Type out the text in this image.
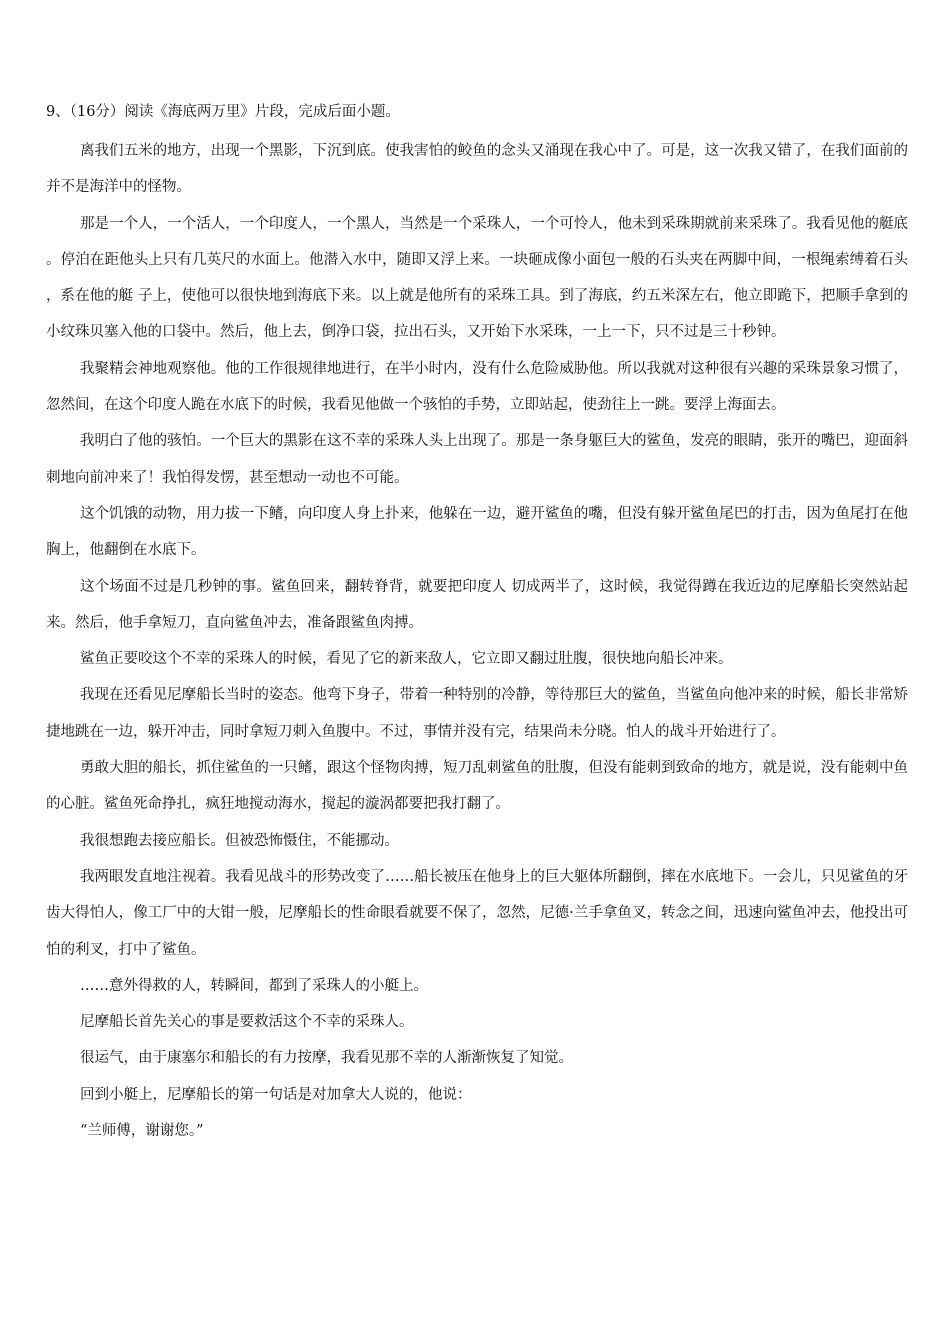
9、（16分）阅读《海底两万里》片段，完成后面小题。

离我们五米的地方，出现一个黑影，下沉到底。使我害怕的鲛鱼的念头又涌现在我心中了。可是，这一次我又错了，在我们面前的并不是海洋中的怪物。

那是一个人，一个活人，一个印度人，一个黑人，当然是一个采珠人，一个可怜人，他未到采珠期就前来采珠了。我看见他的艇底。停泊在距他头上只有几英尺的水面上。他潜入水中，随即又浮上来。一块砸成像小面包一般的石头夹在两脚中间，一根绳索缚着石头，系在他的艇 子上，使他可以很快地到海底下来。以上就是他所有的采珠工具。到了海底，约五米深左右，他立即跪下，把顺手拿到的小纹珠贝塞入他的口袋中。然后，他上去，倒净口袋，拉出石头，又开始下水采珠，一上一下，只不过是三十秒钟。

我聚精会神地观察他。他的工作很规律地进行，在半小时内，没有什么危险威胁他。所以我就对这种很有兴趣的采珠景象习惯了，忽然间，在这个印度人跪在水底下的时候，我看见他做一个骇怕的手势，立即站起，使劲往上一跳。要浮上海面去。

我明白了他的骇怕。一个巨大的黑影在这不幸的采珠人头上出现了。那是一条身躯巨大的鲨鱼，发亮的眼睛，张开的嘴巴，迎面斜刺地向前冲来了！我怕得发愣，甚至想动一动也不可能。

这个饥饿的动物，用力拔一下鳍，向印度人身上扑来，他躲在一边，避开鲨鱼的嘴，但没有躲开鲨鱼尾巴的打击，因为鱼尾打在他胸上，他翻倒在水底下。

这个场面不过是几秒钟的事。鲨鱼回来，翻转脊背，就要把印度人 切成两半了，这时候，我觉得蹲在我近边的尼摩船长突然站起来。然后，他手拿短刀，直向鲨鱼冲去，准备跟鲨鱼肉搏。

鲨鱼正要咬这个不幸的采珠人的时候，看见了它的新来敌人，它立即又翻过肚腹，很快地向船长冲来。

我现在还看见尼摩船长当时的姿态。他弯下身子，带着一种特别的冷静，等待那巨大的鲨鱼，当鲨鱼向他冲来的时候，船长非常矫捷地跳在一边，躲开冲击，同时拿短刀刺入鱼腹中。不过，事情并没有完，结果尚未分晓。怕人的战斗开始进行了。

勇敢大胆的船长，抓住鲨鱼的一只鳍，跟这个怪物肉搏，短刀乱刺鲨鱼的肚腹，但没有能刺到致命的地方，就是说，没有能刺中鱼的心脏。鲨鱼死命挣扎，疯狂地搅动海水，搅起的漩涡都要把我打翻了。

我很想跑去接应船长。但被恐怖慑住，不能挪动。

我两眼发直地注视着。我看见战斗的形势改变了……船长被压在他身上的巨大躯体所翻倒，摔在水底地下。一会儿，只见鲨鱼的牙齿大得怕人，像工厂中的大钳一般，尼摩船长的性命眼看就要不保了，忽然，尼德·兰手拿鱼叉，转念之间，迅速向鲨鱼冲去，他投出可怕的利叉，打中了鲨鱼。

……意外得救的人，转瞬间，都到了采珠人的小艇上。

尼摩船长首先关心的事是要救活这个不幸的采珠人。

很运气，由于康塞尔和船长的有力按摩，我看见那不幸的人渐渐恢复了知觉。

回到小艇上，尼摩船长的第一句话是对加拿大人说的，他说：

“兰师傅，谢谢您。”
